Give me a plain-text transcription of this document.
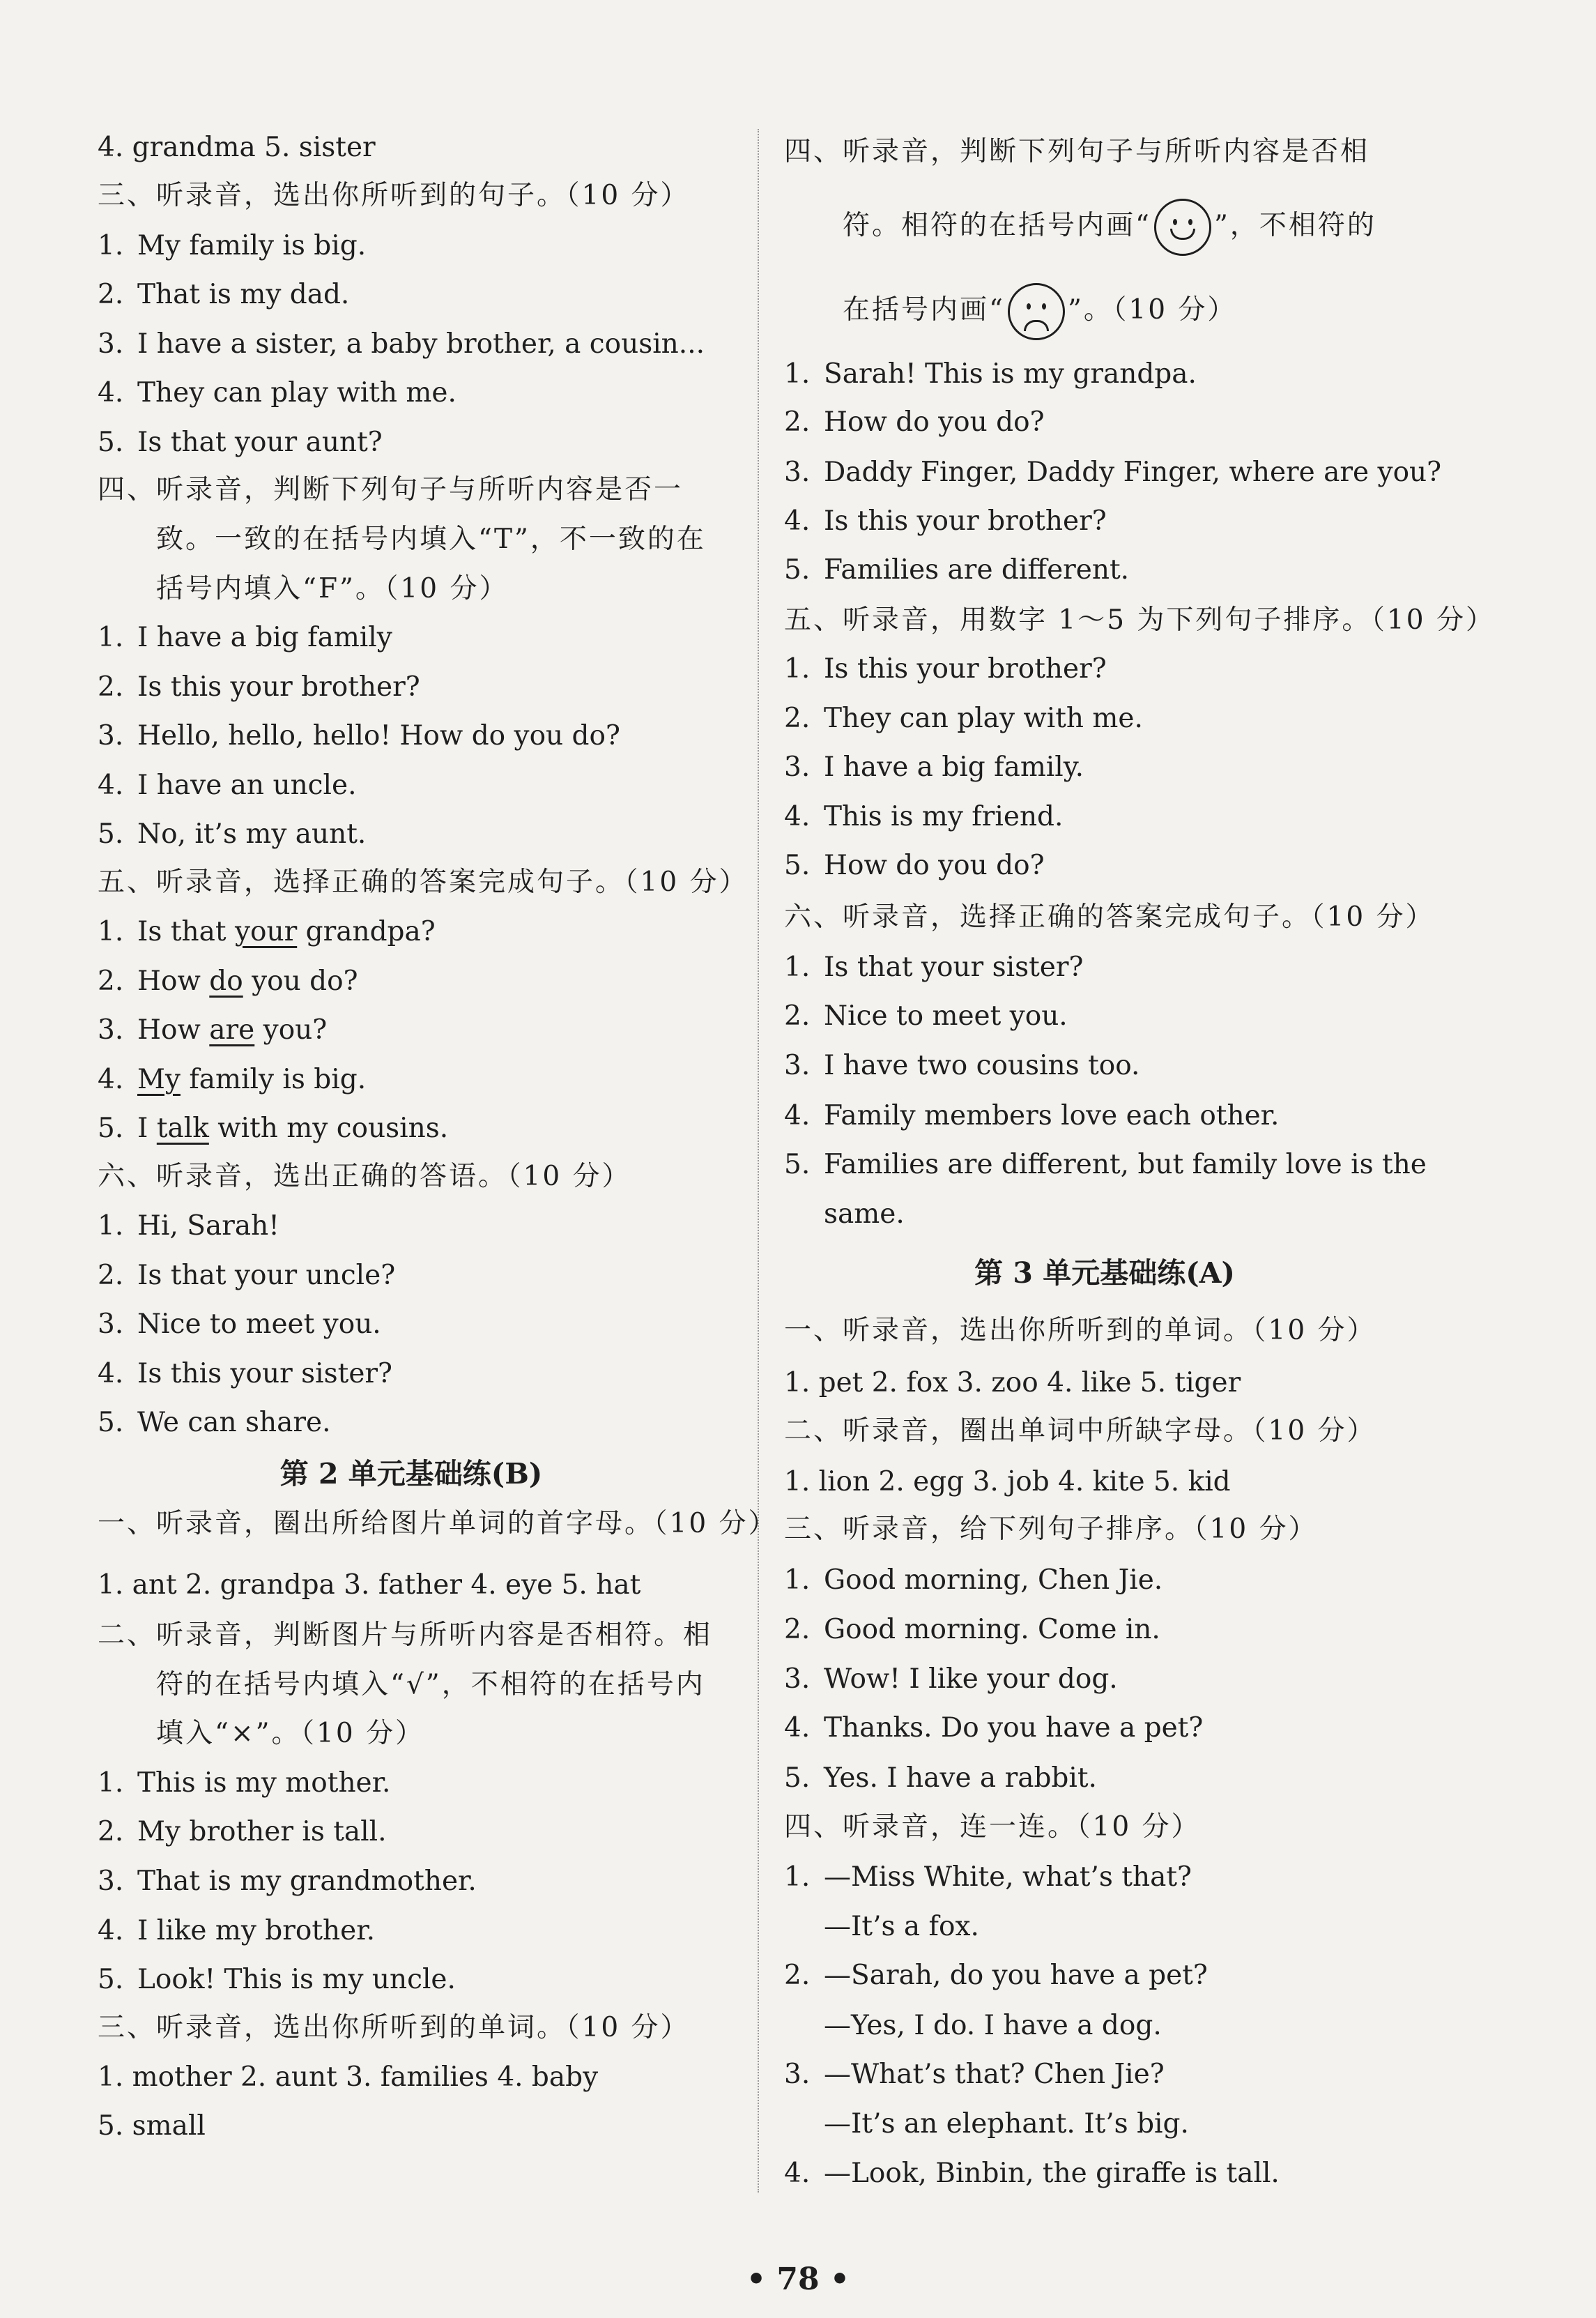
4. grandma 5. sister
三、听录音，选出你所听到的句子。（10 分）
1. My family is big.
2. That is my dad.
3. I have a sister, a baby brother, a cousin...
4. They can play with me.
5. Is that your aunt?
四、听录音，判断下列句子与所听内容是否一
致。一致的在括号内填入“T”，不一致的在
括号内填入“F”。（10 分）
1. I have a big family
2. Is this your brother?
3. Hello, hello, hello! How do you do?
4. I have an uncle.
5. No, it’s my aunt.
五、听录音，选择正确的答案完成句子。（10 分）
1. Is that your grandpa?
2. How do you do?
3. How are you?
4. My family is big.
5. I talk with my cousins.
六、听录音，选出正确的答语。（10 分）
1. Hi, Sarah!
2. Is that your uncle?
3. Nice to meet you.
4. Is this your sister?
5. We can share.
第 2 单元基础练(B)
一、听录音，圈出所给图片单词的首字母。（10 分）
1. ant 2. grandpa 3. father 4. eye 5. hat
二、听录音，判断图片与所听内容是否相符。相
符的在括号内填入“√”，不相符的在括号内
填入“×”。（10 分）
1. This is my mother.
2. My brother is tall.
3. That is my grandmother.
4. I like my brother.
5. Look! This is my uncle.
三、听录音，选出你所听到的单词。（10 分）
1. mother 2. aunt 3. families 4. baby
5. small
四、听录音，判断下列句子与所听内容是否相
符。相符的在括号内画“ ”，不相符的
在括号内画“ ”。（10 分）
1. Sarah! This is my grandpa.
2. How do you do?
3. Daddy Finger, Daddy Finger, where are you?
4. Is this your brother?
5. Families are different.
五、听录音，用数字 1～5 为下列句子排序。（10 分）
1. Is this your brother?
2. They can play with me.
3. I have a big family.
4. This is my friend.
5. How do you do?
六、听录音，选择正确的答案完成句子。（10 分）
1. Is that your sister?
2. Nice to meet you.
3. I have two cousins too.
4. Family members love each other.
5. Families are different, but family love is the
same.
第 3 单元基础练(A)
一、听录音，选出你所听到的单词。（10 分）
1. pet 2. fox 3. zoo 4. like 5. tiger
二、听录音，圈出单词中所缺字母。（10 分）
1. lion 2. egg 3. job 4. kite 5. kid
三、听录音，给下列句子排序。（10 分）
1. Good morning, Chen Jie.
2. Good morning. Come in.
3. Wow! I like your dog.
4. Thanks. Do you have a pet?
5. Yes. I have a rabbit.
四、听录音，连一连。（10 分）
1. —Miss White, what’s that?
—It’s a fox.
2. —Sarah, do you have a pet?
—Yes, I do. I have a dog.
3. —What’s that? Chen Jie?
—It’s an elephant. It’s big.
4. —Look, Binbin, the giraffe is tall.
• 78 •
